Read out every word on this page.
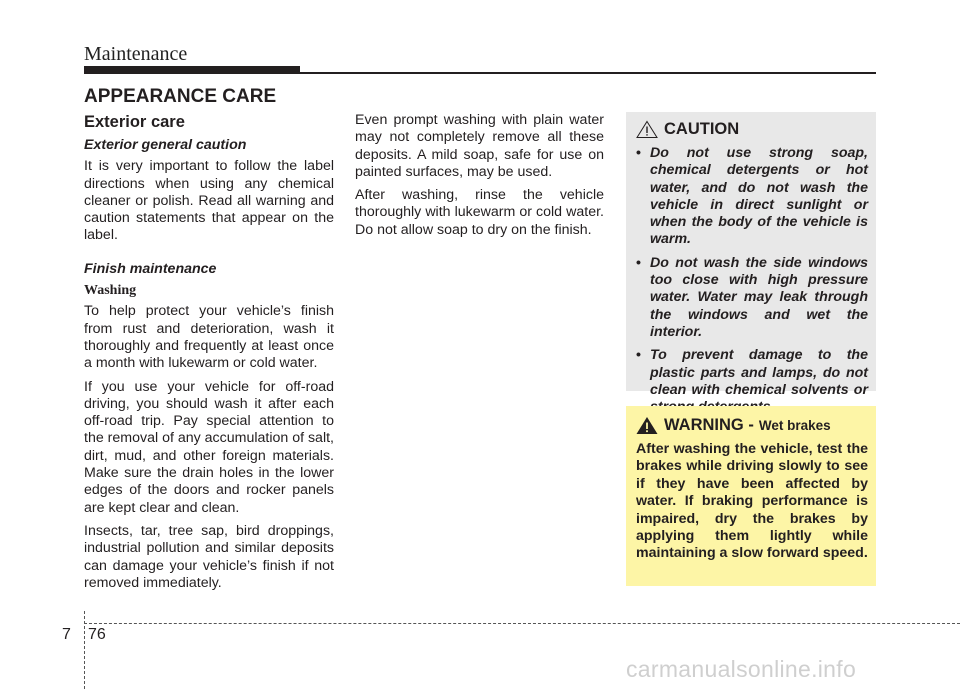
Maintenance
APPEARANCE CARE
Exterior care
Exterior general caution

It is very important to follow the label directions when using any chemical cleaner or polish. Read all warning and caution statements that appear on the label.

Finish maintenance
Washing

To help protect your vehicle’s finish from rust and deterioration, wash it thoroughly and frequently at least once a month with lukewarm or cold water.

If you use your vehicle for off-road driving, you should wash it after each off-road trip. Pay special attention to the removal of any accumulation of salt, dirt, mud, and other foreign materials. Make sure the drain holes in the lower edges of the doors and rocker panels are kept clear and clean.

Insects, tar, tree sap, bird droppings, industrial pollution and similar deposits can damage your vehicle’s finish if not removed immediately.

Even prompt washing with plain water may not completely remove all these deposits. A mild soap, safe for use on painted surfaces, may be used.

After washing, rinse the vehicle thoroughly with lukewarm or cold water. Do not allow soap to dry on the finish.

CAUTION
• Do not use strong soap, chemical detergents or hot water, and do not wash the vehicle in direct sunlight or when the body of the vehicle is warm.
• Do not wash the side windows too close with high pressure water. Water may leak through the windows and wet the interior.
• To prevent damage to the plastic parts and lamps, do not clean with chemical solvents or
WARNING - Wet brakes

After washing the vehicle, test the brakes while driving slowly to see if they have been affected by water. If braking performance is impaired, dry the brakes by applying them lightly while maintaining a slow forward speed.

7 76
carmanualsonline.info
